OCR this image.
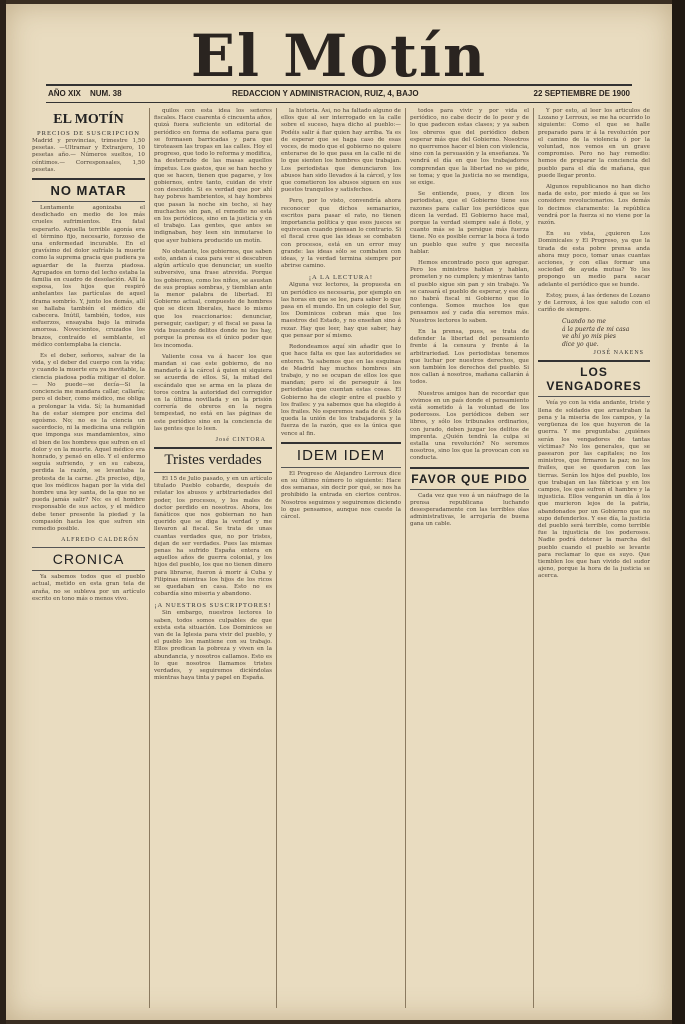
El Motín
AÑO XIX NUM. 38	REDACCION Y ADMINISTRACION, RUIZ, 4, BAJO	22 SEPTIEMBRE DE 1900
EL MOTÍN
PRECIOS DE SUSCRIPCION

Madrid y provincias, trimestre 1,50 pesetas. —Ultramar y Extranjero, 10 pesetas año.— Números sueltos, 10 céntimos.— Corresponsales, 1,50 pesetas.

NO MATAR

Lentamente agonizaba el desdichado en medio de los más crueles sufrimientos. Era fatal esperarlo. Aquella terrible agonía era el término fijo, necesario, forzoso de una enfermedad incurable. En el gravísimo del dolor sufríalo la muerte como la suprema gracia que pudiera ya aguardar de la fuerza piadosa. Agrupados en torno del lecho estaba la familia en cuadro de desolación. Allí la esposa, los hijos que respiró anhelantes las partículas de aquel drama sombrío. Y, junto los demás, allí se hallaba también el médico de cabecera. Inútil, también, todos, sus esfuerzos, ensayaba bajo la mirada amorosa. Novecientos, cruzados los brazos, contraído el semblante, el médico contemplaba la ciencia.

Es el deber, señores, salvar de la vida, y el deber del cuerpo con la vida; y cuando la muerte era ya inevitable, la ciencia piadosa podía mitigar el dolor. — No puede—se decía—Si la conciencia me mandara callar, callaría; pero el deber, como médico, me obliga a prolongar la vida. Sí; la humanidad ha de estar siempre por encima del egoísmo. No; no es la ciencia un sacerdocio, ni la medicina una religión que imponga sus mandamientos, sino el bien de los hombres que sufren en el dolor y en la muerte. Aquel médico era honrado, y pensó en ello. Y el enfermo seguía sufriendo, y en su cabeza, perdida la razón, se levantaba la protesta de la carne. ¿Es preciso, dijo, que los médicos hagan por la vida del hombre una ley santa, de la que no se pueda jamás salir? No: es el hombre responsable de sus actos, y el médico debe tener presente la piedad y la compasión hacia los que sufren sin remedio posible.

ALFREDO CALDERÓN
CRONICA

Ya sabemos todos que el pueblo actual, metido en esta gran tela de araña, no se subleva por un artículo escrito en tono más o menos vivo.

quilos con esta idea los señores fiscales. Hace cuarenta ó cincuenta años, quizá fuera suficiente un editorial de periódico en forma de soflama para que se formasen barricadas y para que tiroteasen las tropas en las calles. Hoy el progreso, que todo lo reforma y modifica, ha desterrado de las masas aquellos ímpetus. Los gastos, que se han hecho y que se hacen, tienen que pagarse, y los gobiernos, entre tanto, cuidan de vivir con descuido. Si es verdad que por ahí hay pobres hambrientos, si hay hombres que pasan la noche sin techo, si hay muchachos sin pan, el remedio no está en los periódicos, sino en la justicia y en el trabajo. Las gentes, que antes se indignaban, hoy leen sin inmutarse lo que ayer hubiera producido un motín.

No obstante, los gobiernos, que saben esto, andan á caza para ver si descubren algún artículo que denunciar, un suelto subversivo, una frase atrevida. Porque los gobiernos, como los niños, se asustan de sus propias sombras, y tiemblan ante la menor palabra de libertad. El Gobierno actual, compuesto de hombres que se dicen liberales, hace lo mismo que los reaccionarios: denunciar, perseguir, castigar; y el fiscal se pasa la vida buscando delitos donde no los hay, porque la prensa es el único poder que les incomoda.

Valiente cosa va á hacer los que mandan si cae este gobierno, de no mandarlo á la cárcel á quien ni siquiera se acuerda de ellos. Sí, la mitad del escándalo que se arma en la plaza de toros contra la autoridad del corregidor en la última novillada y en la prisión correría de obreros en la negra tempestad, no está en las páginas de este periódico sino en la conciencia de las gentes que lo leen.

José CINTORA
Tristes verdades

El 15 de Julio pasado, y en un artículo titulado Pueblo cobarde, después de relatar los abusos y arbitrariedades del poder, los procesos, y los males de doctor perdido en nosotros. Ahora, los fanáticos que nos gobiernan no han querido que se diga la verdad y me llevaron al fiscal. Se trata de unas cuantas verdades que, no por tristes, dejan de ser verdades. Pues las mismas penas ha sufrido España entera en aquellos años de guerra colonial, y los hijos del pueblo, los que no tienen dinero para librarse, fueron á morir á Cuba y Filipinas mientras los hijos de los ricos se quedaban en casa. Esto no es cobardía sino miseria y abandono.

¡A NUESTROS SUSCRIPTORES!

Sin embargo, nuestros lectores lo saben, todos somos culpables de que exista esta situación. Los Dominicos se van de la Iglesia para vivir del pueblo, y el pueblo los mantiene con su trabajo. Ellos predican la pobreza y viven en la abundancia, y nosotros callamos. Esto es lo que nosotros llamamos tristes verdades, y seguiremos diciéndolas mientras haya tinta y papel en España.

la historia. Así, no ha faltado alguno de ellos que al ser interrogado en la calle sobre el suceso, haya dicho al pueblo:—Podéis salir á fiar quien hay arriba. Ya es de esperar que se haga caso de esas voces, de modo que el gobierno no quiere enterarse de lo que pasa en la calle ni de lo que sienten los hombres que trabajan. Los periodistas que denunciaron los abusos han sido llevados á la cárcel, y los que cometieron los abusos siguen en sus puestos tranquilos y satisfechos.

Pero, por lo visto, convendría ahora reconocer que dichos semanarios, escritos para pasar el rato, no tienen importancia política y que esos jueces se equivocan cuando piensan lo contrario. Si el fiscal cree que las ideas se combaten con procesos, está en un error muy grande: las ideas sólo se combaten con ideas, y la verdad termina siempre por abrirse camino.

¡A LA LECTURA!

Alguna vez lectores, la propuesta en un periódico es necesaria, por ejemplo en las horas en que se lee, para saber lo que pasa en el mundo. En un colegio del Sur, los Dominicos cobran más que los maestros del Estado, y no enseñan sino á rezar. Hay que leer, hay que saber, hay que pensar por sí mismo.

Redondeamos aquí sin añadir que lo que hace falta es que las autoridades se enteren. Ya sabemos que en las esquinas de Madrid hay muchos hombres sin trabajo, y no se ocupan de ellos los que mandan; pero sí de perseguir á los periodistas que cuentan estas cosas. El Gobierno ha de elegir entre el pueblo y los frailes: y ya sabemos que ha elegido á los frailes. No esperemos nada de él. Sólo queda la unión de los trabajadores y la fuerza de la razón, que es la única que vence al fin.

IDEM IDEM

El Progreso de Alejandro Lerroux dice en su último número lo siguiente: Hace dos semanas, sin decir por qué, se nos ha prohibido la entrada en ciertos centros. Nosotros seguimos y seguiremos diciendo lo que pensamos, aunque nos cueste la cárcel.

todos para vivir y por vida el periódico, no cabe decir de lo peor y de lo que padecen estas clases; y ya saben los obreros que del periódico deben esperar más que del Gobierno. Nosotros no querremos hacer el bien con violencia, sino con la persuasión y la enseñanza. Ya vendrá el día en que los trabajadores comprendan que la libertad no se pide, se toma; y que la justicia no se mendiga, se exige.

Se entiende, pues, y dicen los periodistas, que el Gobierno tiene sus razones para callar los periódicos que dicen la verdad. El Gobierno hace mal, porque la verdad siempre sale á flote, y cuanto más se la persigue más fuerza tiene. No es posible cerrar la boca á todo un pueblo que sufre y que necesita hablar.

Hemos encontrado poco que agregar. Pero los ministros hablan y hablan, prometen y no cumplen; y mientras tanto el pueblo sigue sin pan y sin trabajo. Ya se cansará el pueblo de esperar, y ese día no habrá fiscal ni Gobierno que lo contenga. Somos muchos los que pensamos así y cada día seremos más. Nuestros lectores lo saben.

En la prensa, pues, se trata de defender la libertad del pensamiento frente á la censura y frente á la arbitrariedad. Los periodistas tenemos que luchar por nuestros derechos, que son también los derechos del pueblo. Si nos callan á nosotros, mañana callarán á todos.

Nuestros amigos han de recordar que vivimos en un país donde el pensamiento está sometido á la voluntad de los poderosos. Los periódicos deben ser libres, y sólo los tribunales ordinarios, con jurado, deben juzgar los delitos de imprenta. ¿Quién tendrá la culpa si estalla una revolución? No seremos nosotros, sino los que la provocan con su conducta.

FAVOR QUE PIDO

Cada vez que veo á un náufrago de la prensa republicana luchando desesperadamente con las terribles olas administrativas, le arrojaría de buena gana un cable.

Y por esto, al leer los artículos de Lozano y Lerroux, se me ha ocurrido lo siguiente: Como el que se halle preparado para ir á la revolución por el camino de la violencia ó por la voluntad, nos vemos en un grave compromiso. Pero no hay remedio: hemos de preparar la conciencia del pueblo para el día de mañana, que puede llegar pronto.

Algunos republicanos no han dicho nada de esto, por miedo á que se les considere revolucionarios. Los demás lo decimos claramente: la república vendrá por la fuerza si no viene por la razón.

En su vista, ¿quieren Los Dominicales y El Progreso, ya que la tirada de esta pobre prensa anda ahora muy poco, tomar unas cuantas acciones, y con ellas formar una sociedad de ayuda mutua? Yo les propongo un medio para sacar adelante el periódico que se hunde.

Estoy, pues, á las órdenes de Lozano y de Lerroux, á los que saludo con el cariño de siempre.

Cuando no me
á la puerta de mi casa
ve ahí yo mis pies
dice yo que.
JOSÉ NAKENS
LOS VENGADORES

Veía yo con la vida andante, triste y llena de soldados que arrastraban la pena y la miseria de los campos, y la vergüenza de los que huyeron de la guerra. Y me preguntaba: ¿quiénes serán los vengadores de tantas víctimas? No los generales, que se pasearon por las capitales; no los ministros, que firmaron la paz; no los frailes, que se quedaron con las tierras. Serán los hijos del pueblo, los que trabajan en las fábricas y en los campos, los que sufren el hambre y la injusticia. Ellos vengarán un día á los que murieron lejos de la patria, abandonados por un Gobierno que no supo defenderlos. Y ese día, la justicia del pueblo será terrible, como terrible fue la injusticia de los poderosos. Nadie podrá detener la marcha del pueblo cuando el pueblo se levante para reclamar lo que es suyo. Que tiemblen los que han vivido del sudor ajeno, porque la hora de la justicia se acerca.
